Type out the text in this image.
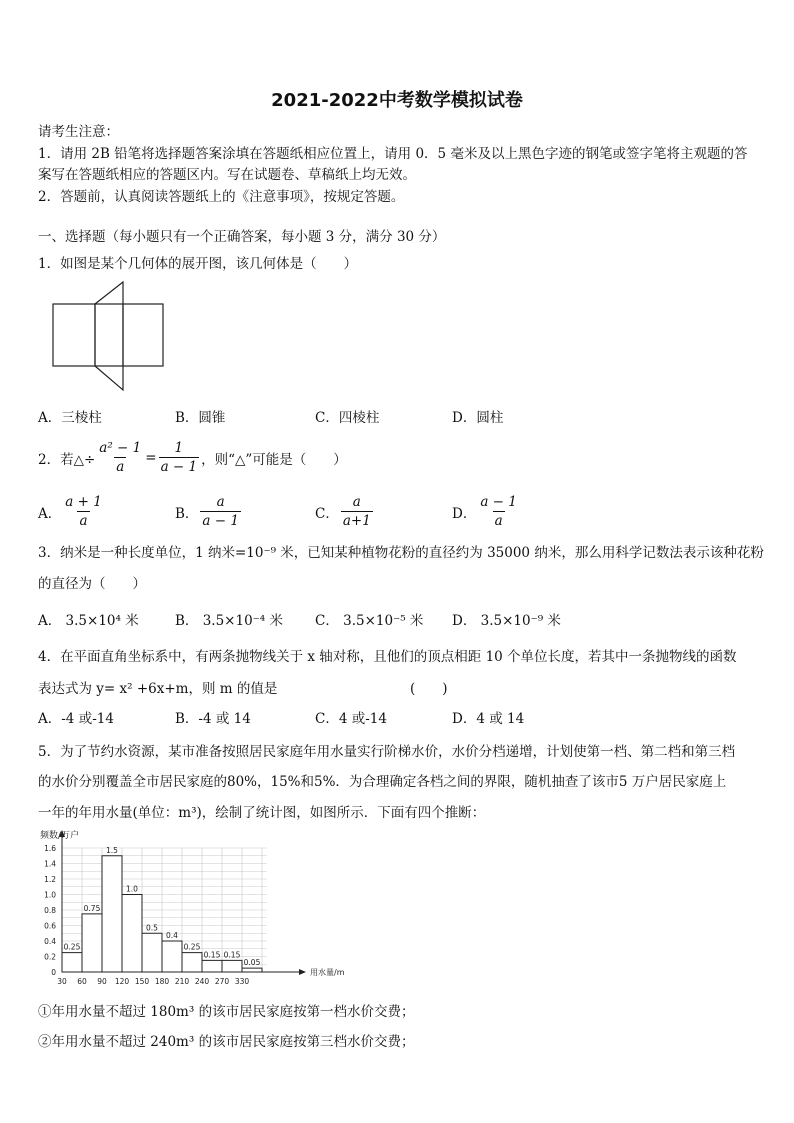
2021-2022中考数学模拟试卷
请考生注意：
1．请用 2B 铅笔将选择题答案涂填在答题纸相应位置上，请用 0．5 毫米及以上黑色字迹的钢笔或签字笔将主观题的答
案写在答题纸相应的答题区内。写在试题卷、草稿纸上均无效。
2．答题前，认真阅读答题纸上的《注意事项》，按规定答题。
一、选择题（每小题只有一个正确答案，每小题 3 分，满分 30 分）
1．如图是某个几何体的展开图，该几何体是（　　）
A．三棱柱	B．圆锥	C．四棱柱	D．圆柱
2．若△÷ $\frac{\text{a² − 1}}{a} = \frac{1}{a - 1}$ ，则“△”可能是（　　）
A． $\frac{a + 1}{a}$	B． $\frac{a}{a - 1}$	C． $\frac{a}{a+1}$	D． $\frac{a - 1}{a}$
3．纳米是一种长度单位，1 纳米=10⁻⁹ 米，已知某种植物花粉的直径约为 35000 纳米，那么用科学记数法表示该种花粉
的直径为（　　）
A． 3.5×10⁴ 米	B． 3.5×10⁻⁴ 米 C． 3.5×10⁻⁵ 米 D． 3.5×10⁻⁹ 米
4．在平面直角坐标系中，有两条抛物线关于 x 轴对称，且他们的顶点相距 10 个单位长度，若其中一条抛物线的函数
表达式为 y= x² +6x+m，则 m 的值是	(　　)
A．-4 或-14	B．-4 或 14	C．4 或-14	D．4 或 14
5．为了节约水资源，某市准备按照居民家庭年用水量实行阶梯水价，水价分档递增，计划使第一档、第二档和第三档
的水价分别覆盖全市居民家庭的80%，15%和5%．为合理确定各档之间的界限，随机抽查了该市5 万户居民家庭上
一年的年用水量(单位：m³)，绘制了统计图，如图所示．下面有四个推断：
频数/万户
用水量/m
0
0.2
0.4
0.6
0.8
1.0
1.2
1.4
1.6
30 60 90 120 150 180 210 240 270 330
0.25
0.75
1.5
1.0
0.5
0.4
0.25
0.15 0.15
0.05
①年用水量不超过 180m³ 的该市居民家庭按第一档水价交费；
②年用水量不超过 240m³ 的该市居民家庭按第三档水价交费；
